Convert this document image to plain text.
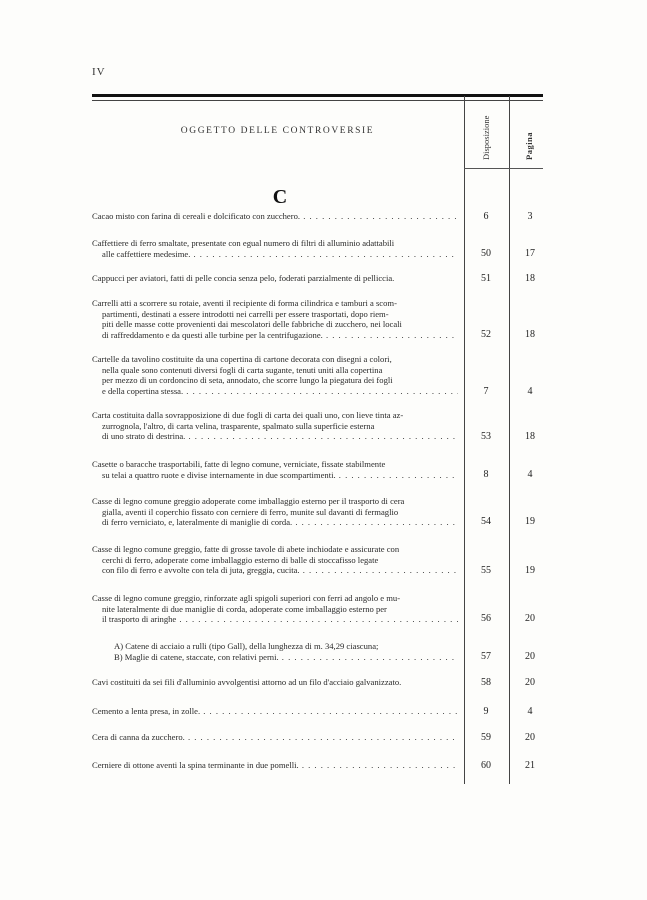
IV
OGGETTO DELLE CONTROVERSIE	Disposizione	Pagina
C
Cacao misto con farina di cereali e dolcificato con zucchero. . . .	6	3
Caffettiere di ferro smaltate, presentate con egual numero di filtri di alluminio adattabili
alle caffettiere medesime. . . .	50	17
Cappucci per aviatori, fatti di pelle concia senza pelo, foderati parzialmente di pelliccia.	51	18
Carrelli atti a scorrere su rotaie, aventi il recipiente di forma cilindrica e tamburi a scom-
partimenti, destinati a essere introdotti nei carrelli per essere trasportati, dopo riem-
piti delle masse cotte provenienti dai mescolatori delle fabbriche di zucchero, nei locali
di raffreddamento e da questi alle turbine per la centrifugazione. . . .	52	18
Cartelle da tavolino costituite da una copertina di cartone decorata con disegni a colori,
nella quale sono contenuti diversi fogli di carta sugante, tenuti uniti alla copertina
per mezzo di un cordoncino di seta, annodato, che scorre lungo la piegatura dei fogli
e della copertina stessa. . . .	7	4
Carta costituita dalla sovrapposizione di due fogli di carta dei quali uno, con lieve tinta az-
zurrognola, l'altro, di carta velina, trasparente, spalmato sulla superficie esterna
di uno strato di destrina. . . .	53	18
Casette o baracche trasportabili, fatte di legno comune, verniciate, fissate stabilmente
su telai a quattro ruote e divise internamente in due scompartimenti. . . .	8	4
Casse di legno comune greggio adoperate come imballaggio esterno per il trasporto di cera
gialla, aventi il coperchio fissato con cerniere di ferro, munite sul davanti di fermaglio
di ferro verniciato, e, lateralmente di maniglie di corda. . . .	54	19
Casse di legno comune greggio, fatte di grosse tavole di abete inchiodate e assicurate con
cerchi di ferro, adoperate come imballaggio esterno di balle di stoccafisso legate
con filo di ferro e avvolte con tela di juta, greggia, cucita. . . .	55	19
Casse di legno comune greggio, rinforzate agli spigoli superiori con ferri ad angolo e mu-
nite lateralmente di due maniglie di corda, adoperate come imballaggio esterno per
il trasporto di aringhe . . .	56	20
A) Catene di acciaio a rulli (tipo Gall), della lunghezza di m. 34,29 ciascuna;
B) Maglie di catene, staccate, con relativi perni. . . .	57	20
Cavi costituiti da sei fili d'alluminio avvolgentisi attorno ad un filo d'acciaio galvanizzato.	58	20
Cemento a lenta presa, in zolle. . . .	9	4
Cera di canna da zucchero. . . .	59	20
Cerniere di ottone aventi la spina terminante in due pomelli. . . .	60	21
